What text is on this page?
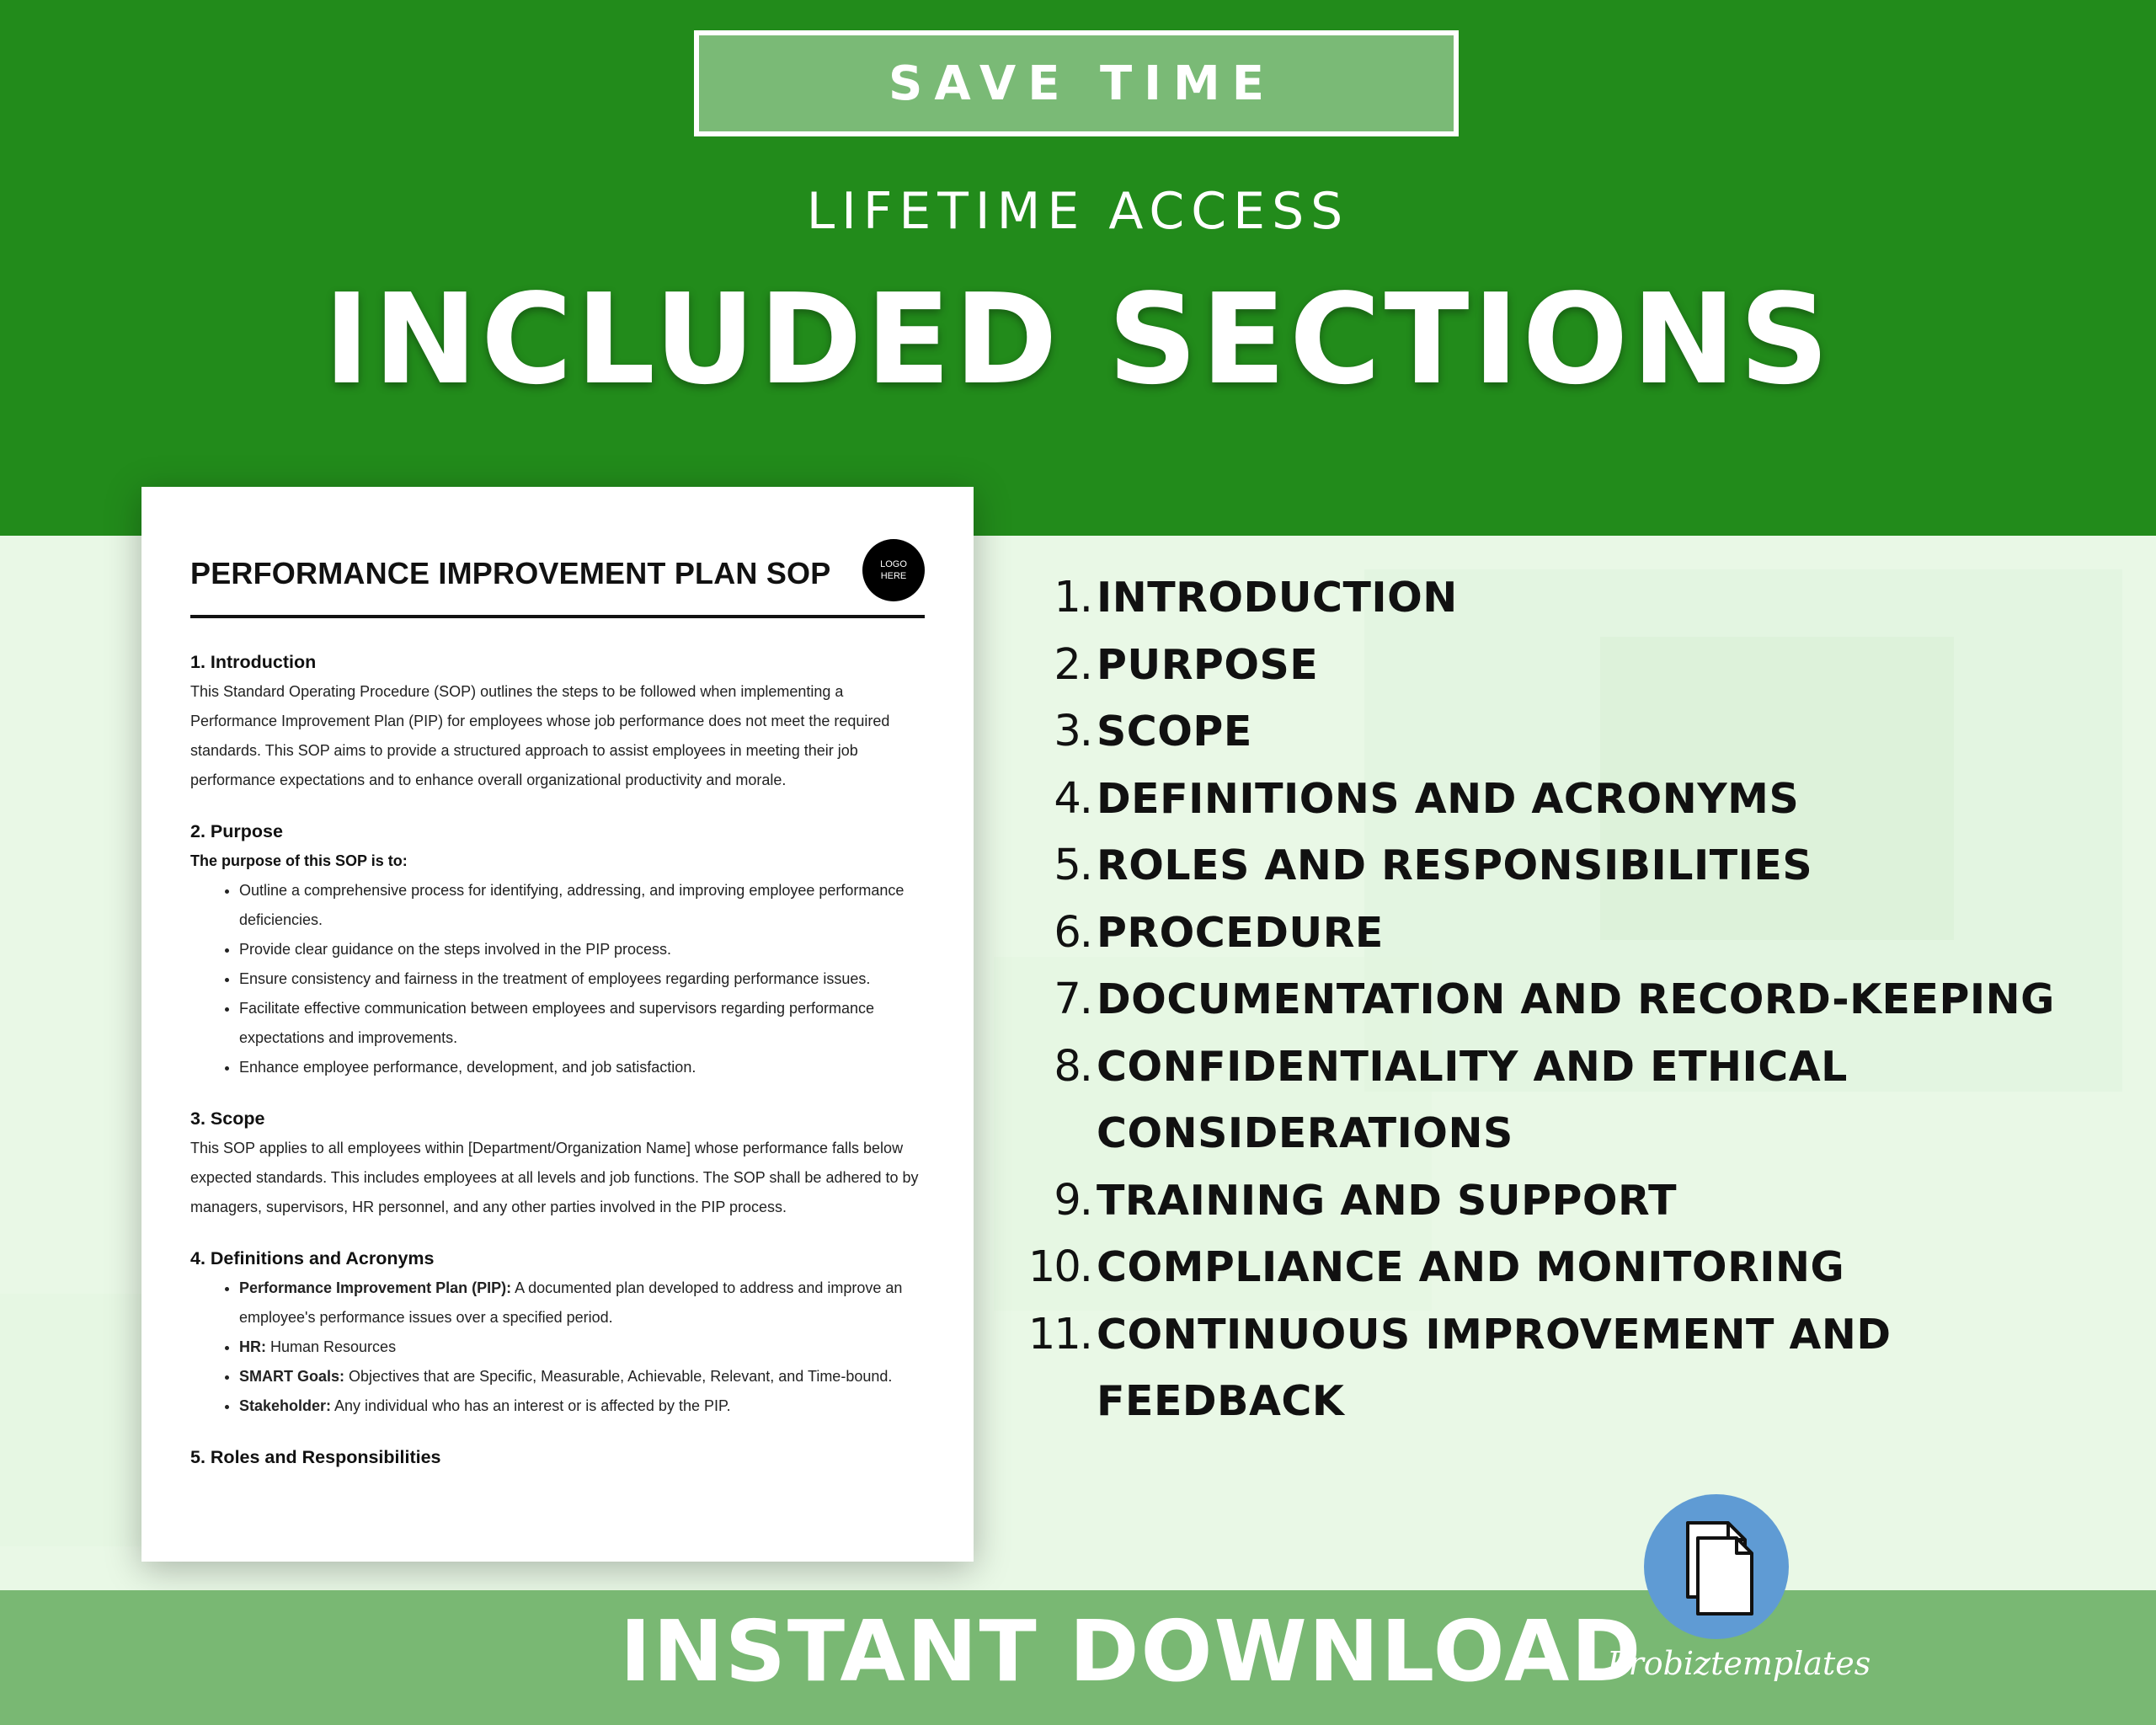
SAVE TIME
LIFETIME ACCESS
INCLUDED SECTIONS
PERFORMANCE IMPROVEMENT PLAN SOP	LOGO
HERE
1. Introduction

This Standard Operating Procedure (SOP) outlines the steps to be followed when implementing a Performance Improvement Plan (PIP) for employees whose job performance does not meet the required standards. This SOP aims to provide a structured approach to assist employees in meeting their job performance expectations and to enhance overall organizational productivity and morale.

2. Purpose

The purpose of this SOP is to:

• Outline a comprehensive process for identifying, addressing, and improving employee performance deficiencies.
• Provide clear guidance on the steps involved in the PIP process.
• Ensure consistency and fairness in the treatment of employees regarding performance issues.
• Facilitate effective communication between employees and supervisors regarding performance expectations and improvements.
• Enhance employee performance, development, and job satisfaction.
3. Scope

This SOP applies to all employees within [Department/Organization Name] whose performance falls below expected standards. This includes employees at all levels and job functions. The SOP shall be adhered to by managers, supervisors, HR personnel, and any other parties involved in the PIP process.

4. Definitions and Acronyms
• Performance Improvement Plan (PIP): A documented plan developed to address and improve an employee's performance issues over a specified period.
• HR: Human Resources
• SMART Goals: Objectives that are Specific, Measurable, Achievable, Relevant, and Time-bound.
• Stakeholder: Any individual who has an interest or is affected by the PIP.
5. Roles and Responsibilities
1. INTRODUCTION
2. PURPOSE
3. SCOPE
4. DEFINITIONS AND ACRONYMS
5. ROLES AND RESPONSIBILITIES
6. PROCEDURE
7. DOCUMENTATION AND RECORD-KEEPING
8. CONFIDENTIALITY AND ETHICAL CONSIDERATIONS
9. TRAINING AND SUPPORT
10. COMPLIANCE AND MONITORING
11. CONTINUOUS IMPROVEMENT AND FEEDBACK
INSTANT DOWNLOAD
Probiztemplates
